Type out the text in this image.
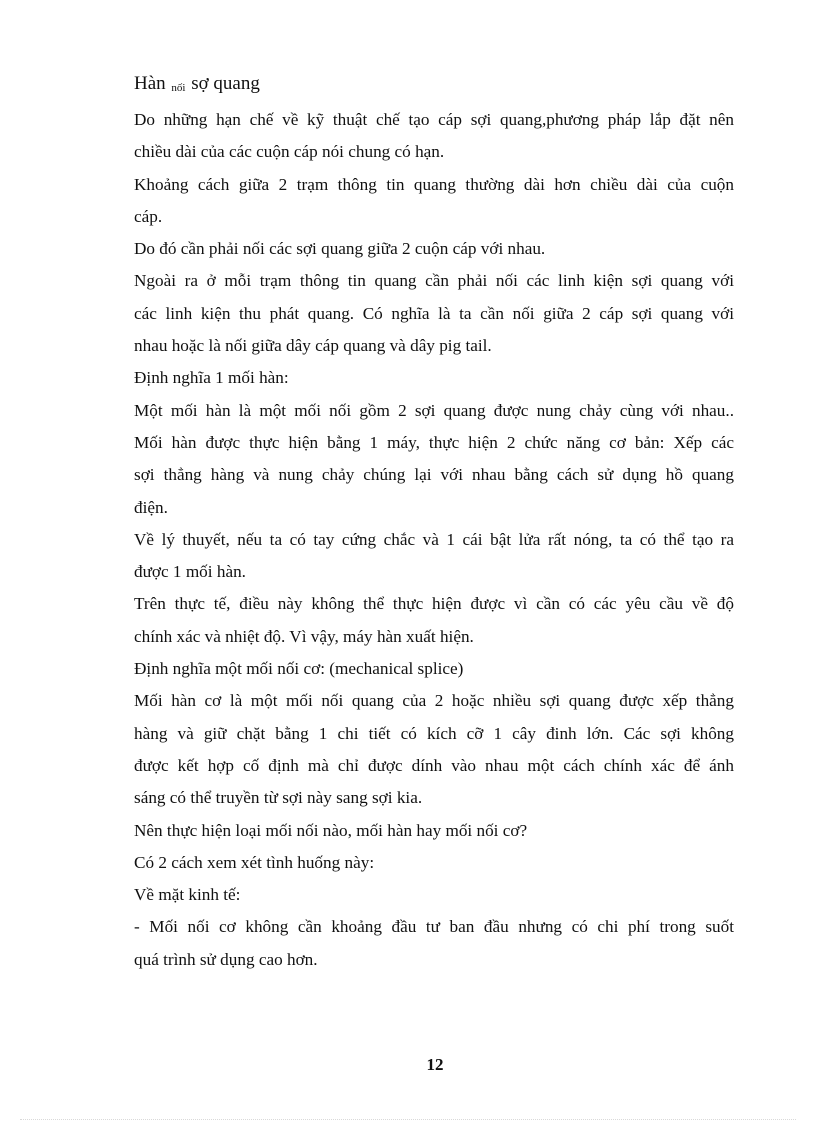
Hàn nối sợ quang
Do những hạn chế về kỹ thuật chế tạo cáp sợi quang,phương pháp lắp đặt nên
chiều dài của các cuộn cáp nói chung có hạn.
Khoảng cách giữa 2 trạm thông tin quang thường dài hơn chiều dài của cuộn
cáp.
Do đó cần phải nối các sợi quang giữa 2 cuộn cáp với nhau.
Ngoài ra ở mỗi trạm thông tin quang cần phải nối các linh kiện sợi quang với
các linh kiện thu phát quang. Có nghĩa là ta cần nối giữa 2 cáp sợi quang với
nhau hoặc là nối giữa dây cáp quang và dây pig tail.
Định nghĩa 1 mối hàn:
Một mối hàn là một mối nối gồm 2 sợi quang được nung chảy cùng với nhau..
Mối hàn được thực hiện bằng 1 máy, thực hiện 2 chức năng cơ bản: Xếp các
sợi thẳng hàng và nung chảy chúng lại với nhau bằng cách sử dụng hồ quang
điện.
Về lý thuyết, nếu ta có tay cứng chắc và 1 cái bật lửa rất nóng, ta có thể tạo ra
được 1 mối hàn.
Trên thực tế, điều này không thể thực hiện được vì cần có các yêu cầu về độ
chính xác và nhiệt độ. Vì vậy, máy hàn xuất hiện.
Định nghĩa một mối nối cơ: (mechanical splice)
Mối hàn cơ là một mối nối quang của 2 hoặc nhiều sợi quang được xếp thẳng
hàng và giữ chặt bằng 1 chi tiết có kích cỡ 1 cây đinh lớn. Các sợi không
được kết hợp cố định mà chỉ được dính vào nhau một cách chính xác để ánh
sáng có thể truyền từ sợi này sang sợi kia.
Nên thực hiện loại mối nối nào, mối hàn hay mối nối cơ?
Có 2 cách xem xét tình huống này:
Về mặt kinh tế:
- Mối nối cơ không cần khoảng đầu tư ban đầu nhưng có chi phí trong suốt
quá trình sử dụng cao hơn.
12
